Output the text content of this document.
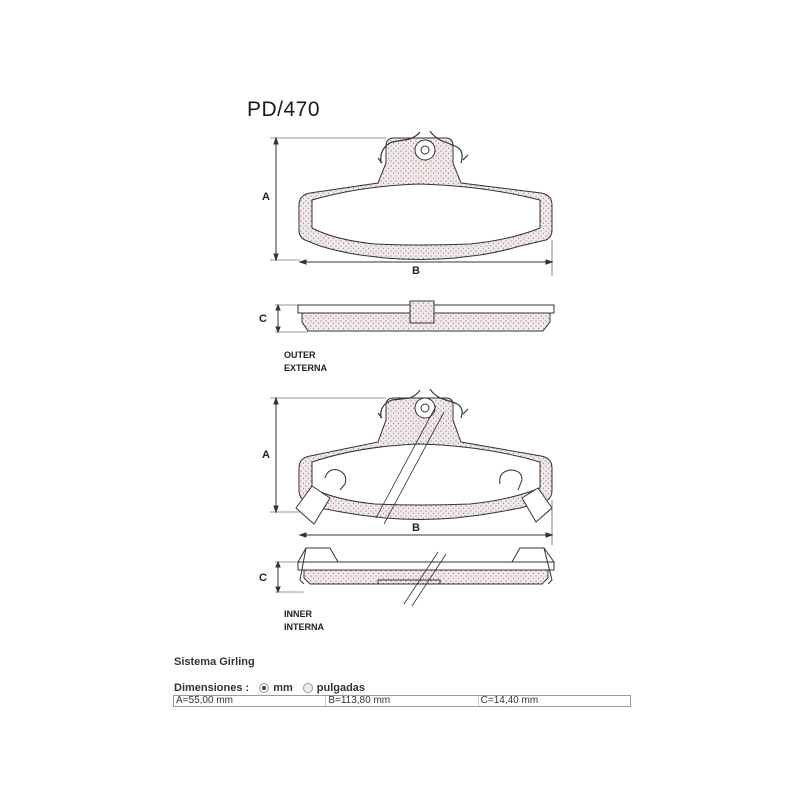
PD/470
A
B
C
A
B
C
OUTER
EXTERNA
INNER
INTERNA
Sistema Girling
Dimensiones : mm pulgadas
A=55,00 mm	B=113,80 mm	C=14,40 mm
